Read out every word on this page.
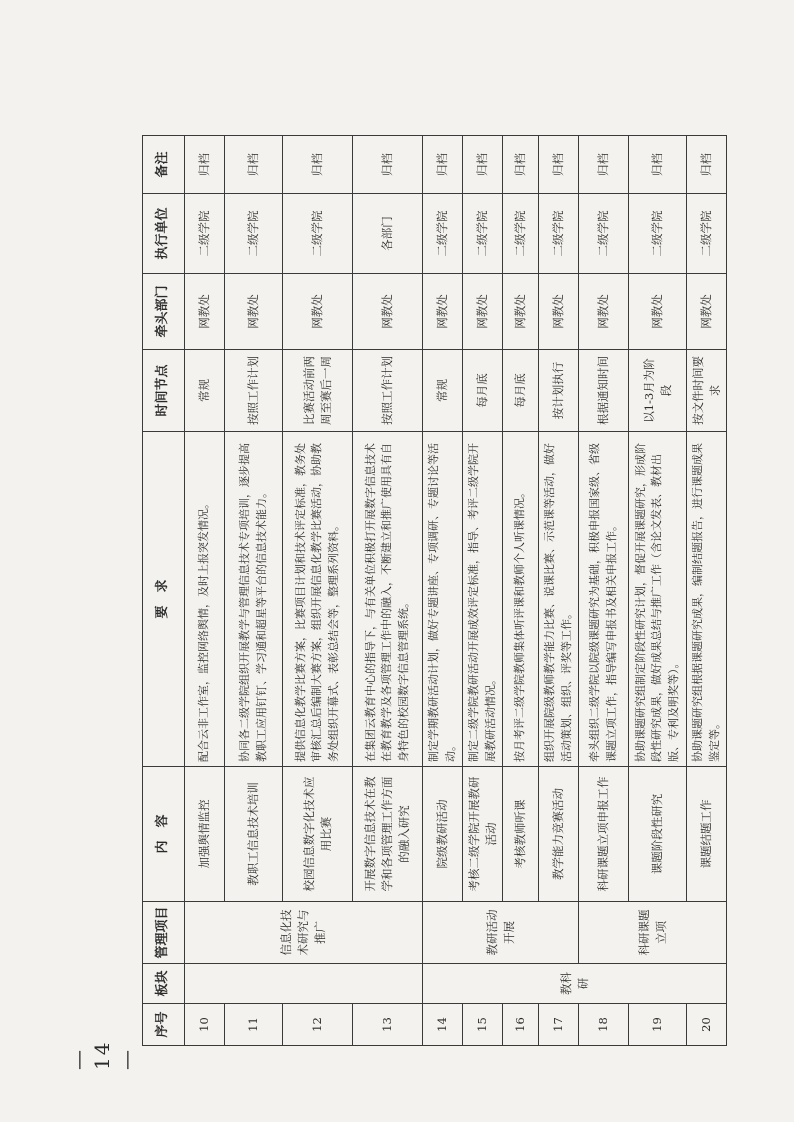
— 14 —
序号	板块	管理项目	内　容	要　求	时间节点	牵头部门	执行单位	备注
10		信息化技术研究与推广	加强舆情监控	配合云非工作室，监控网络舆情，及时上报突发情况。	常规	网教处	二级学院	归档
11			教职工信息技术培训	协同各二级学院组织开展教学与管理信息技术专项培训，逐步提高教职工应用钉钉、学习通和超星等平台的信息技术能力。	按照工作计划	网教处	二级学院	归档
12			校园信息数字化技术应用比赛	提供信息化教学比赛方案，比赛项目计划和技术评定标准，教务处审核汇总后编制大赛方案，组织开展信息化教学比赛活动，协助教务处组织开幕式、表彰总结会等，整理系列资料。	比赛活动前两周至赛后一周	网教处	二级学院	归档
13			开展数字信息技术在教学和各项管理工作方面的融入研究	在集团云教育中心的指导下，与有关单位积极打开展数字信息技术在教育教学及各项管理工作中的融入，不断建立和推广使用具有自身特色的校园数字信息管理系统。	按照工作计划	网教处	各部门	归档
14	教科研	教研活动开展	院级教研活动	制定学期教研活动计划，做好专题讲座、专项调研、专题讨论等活动。	常规	网教处	二级学院	归档
15			考核二级学院开展教研活动	制定二级学院教研活动开展成效评定标准，指导、考评二级学院开展教研活动情况。	每月底	网教处	二级学院	归档
16			考核教师听课	按月考评二级学院教师集体听评课和教师个人听课情况。	每月底	网教处	二级学院	归档
17			教学能力竞赛活动	组织开展院级教师教学能力比赛、说课比赛、示范课等活动，做好活动策划、组织、评奖等工作。	按计划执行	网教处	二级学院	归档
18		科研课题立项	科研课题立项申报工作	牵头组织二级学院以院级课题研究为基础，积极申报国家级、省级课题立项工作，指导编写申报书及相关申报工作。	根据通知时间	网教处	二级学院	归档
19			课题阶段性研究	协助课题研究组制定阶段性研究计划，督促开展课题研究，形成阶段性研究成果，做好成果总结与推广工作（含论文发表、教材出版、专利及明奖等）。	以1-3月为阶段	网教处	二级学院	归档
20			课题结题工作	协助课题研究组根据课题研究成果，编制结题报告，进行课题成果鉴定等。	按文件时间要求	网教处	二级学院	归档
